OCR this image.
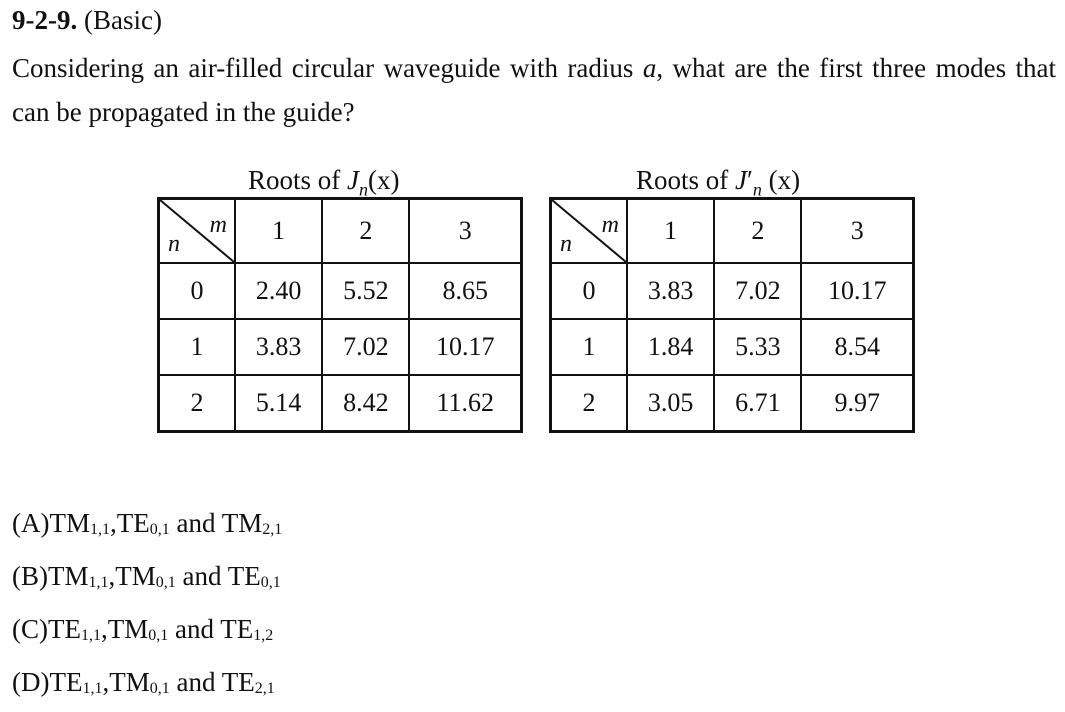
9-2-9. (Basic)
Considering an air-filled circular waveguide with radius a, what are the first three modes that can be propagated in the guide?
Roots of $J_n(x)$
m
n	1	2	3
0	2.40	5.52	8.65
1	3.83	7.02	10.17
2	5.14	8.42	11.62
Roots of $J'_n$ (x)
m
n	1	2	3
0	3.83	7.02	10.17
1	1.84	5.33	8.54
2	3.05	6.71	9.97
$(A)TM_{1,1},TE_{0,1}$ and $TM_{2,1}$
$(B)TM_{1,1},TM_{0,1}$ and $TE_{0,1}$
$(C)TE_{1,1},TM_{0,1}$ and $TE_{1,2}$
$(D)TE_{1,1},TM_{0,1}$ and $TE_{2,1}$
